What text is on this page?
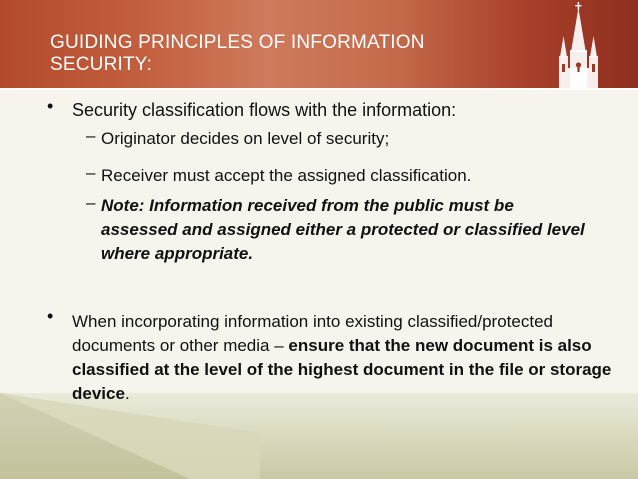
GUIDING PRINCIPLES OF INFORMATION SECURITY:
• Security classification flows with the information:
– Originator decides on level of security;
– Receiver must accept the assigned classification.
– Note: Information received from the public must be assessed and assigned either a protected or classified level where appropriate.
• When incorporating information into existing classified/protected documents or other media – ensure that the new document is also classified at the level of the highest document in the file or storage device.
